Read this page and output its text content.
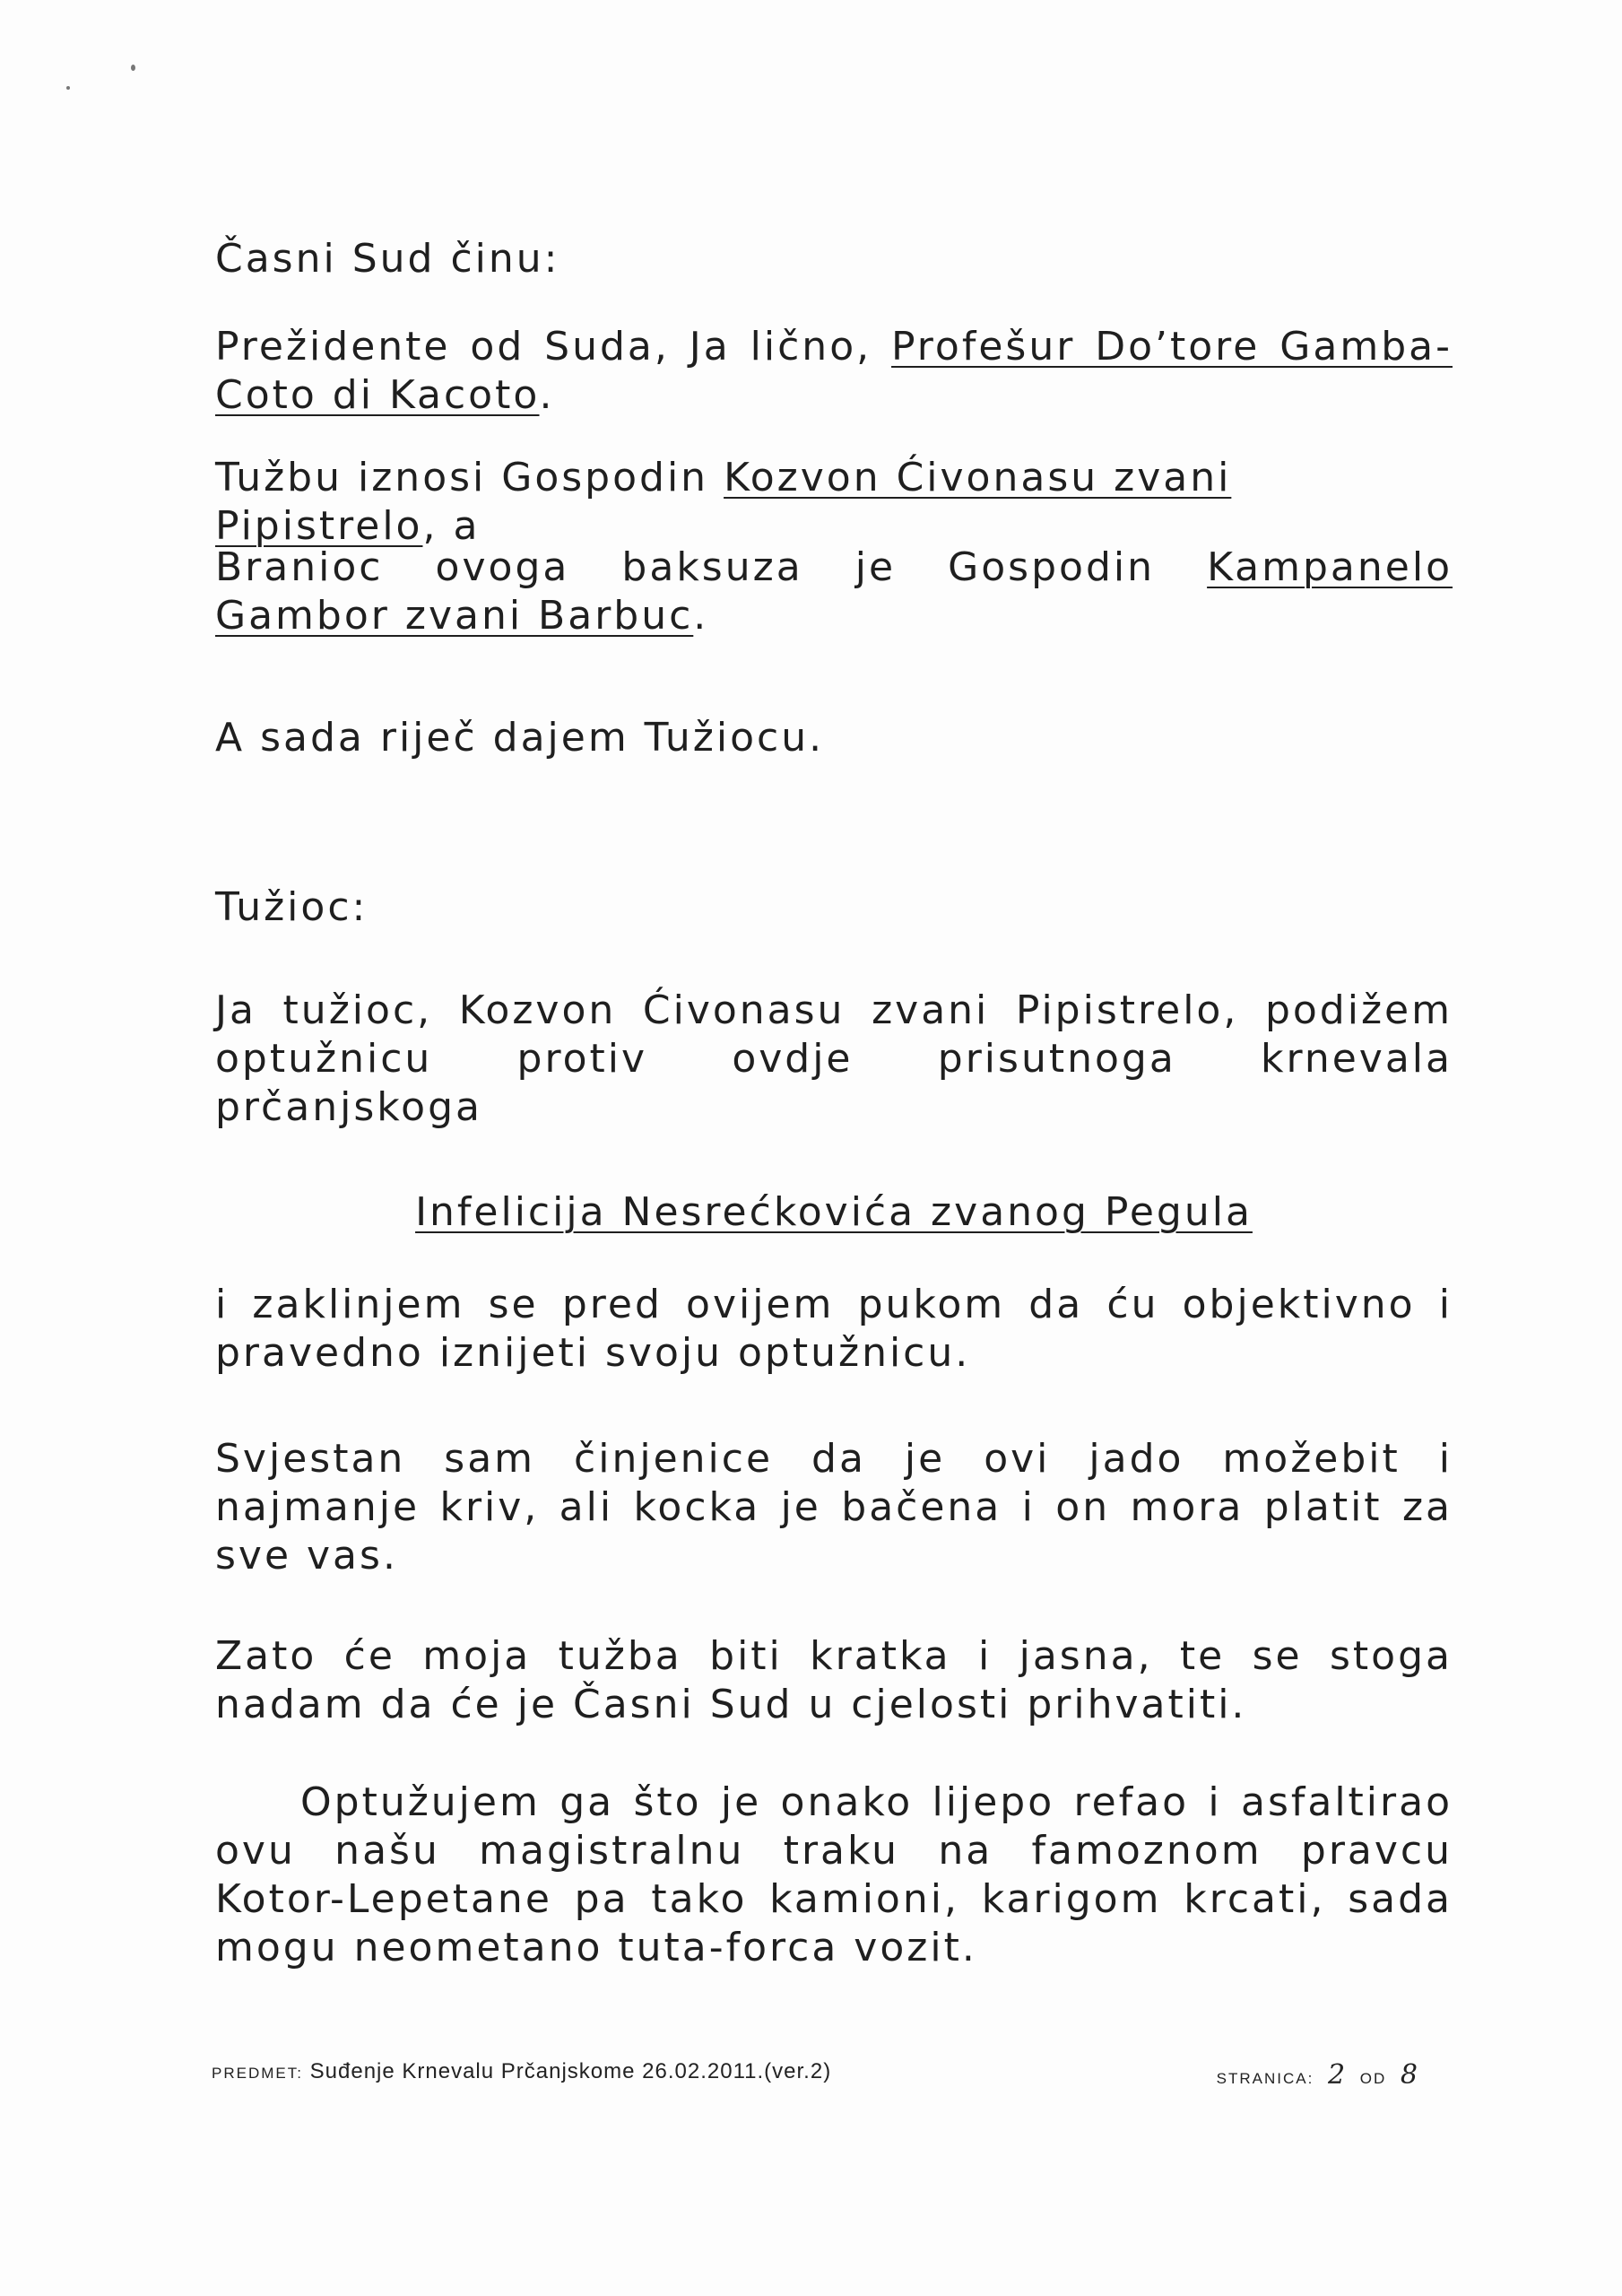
Časni Sud činu:

Prežidente od Suda, Ja lično, Profešur Do’tore Gamba-Coto di Kacoto.

Tužbu iznosi Gospodin Kozvon Ćivonasu zvani Pipistrelo, a

Branioc ovoga baksuza je Gospodin Kampanelo Gambor zvani Barbuc.

A sada riječ dajem Tužiocu.

Tužioc:

Ja tužioc, Kozvon Ćivonasu zvani Pipistrelo, podižem optužnicu protiv ovdje prisutnoga krnevala prčanjskoga

Infelicija Nesrećkovića zvanog Pegula

i zaklinjem se pred ovijem pukom da ću objektivno i pravedno iznijeti svoju optužnicu.

Svjestan sam činjenice da je ovi jado možebit i najmanje kriv, ali kocka je bačena i on mora platit za sve vas.

Zato će moja tužba biti kratka i jasna, te se stoga nadam da će je Časni Sud u cjelosti prihvatiti.

Optužujem ga što je onako lijepo refao i asfaltirao ovu našu magistralnu traku na famoznom pravcu Kotor-Lepetane pa tako kamioni, karigom krcati, sada mogu neometano tuta-forca vozit.

PREDMET: Suđenje Krnevalu Prčanjskome 26.02.2011.(ver.2)	STRANICA: 2 OD 8
